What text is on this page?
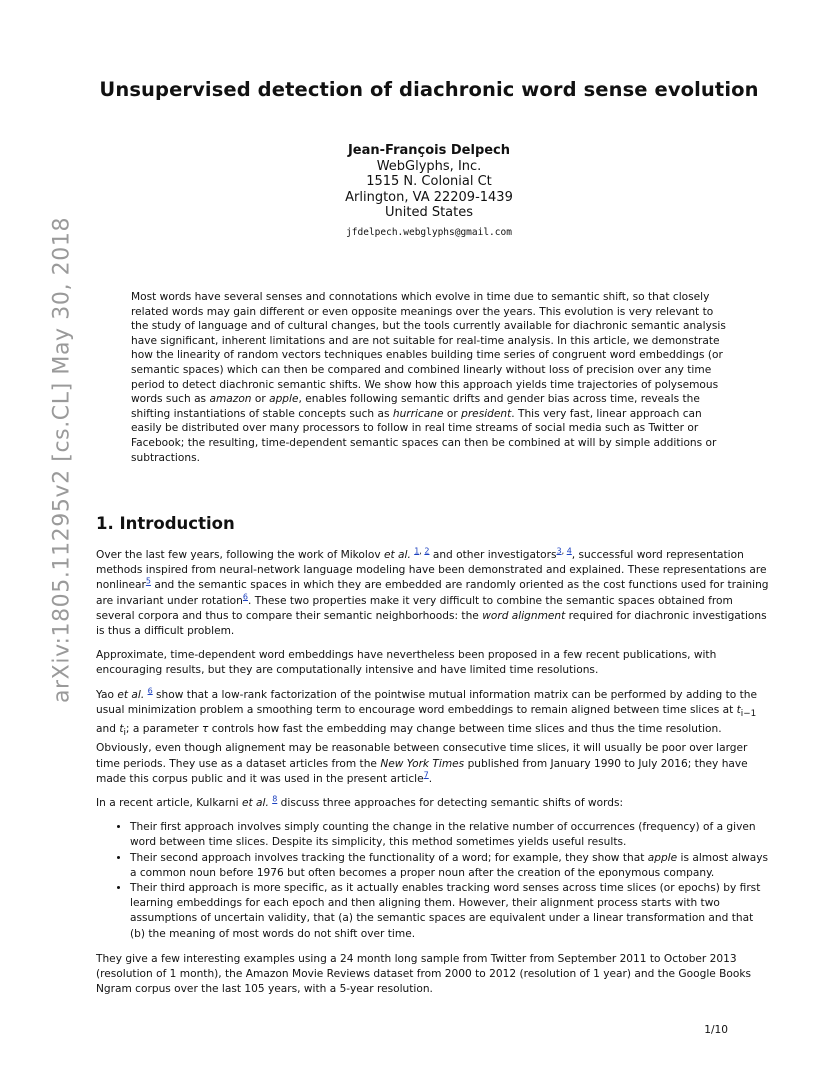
arXiv:1805.11295v2 [cs.CL] May 30, 2018
Unsupervised detection of diachronic word sense evolution
Jean-François Delpech
WebGlyphs, Inc.
1515 N. Colonial Ct
Arlington, VA 22209-1439
United States
jfdelpech.webglyphs@gmail.com
Most words have several senses and connotations which evolve in time due to semantic shift, so that closely related words may gain different or even opposite meanings over the years. This evolution is very relevant to the study of language and of cultural changes, but the tools currently available for diachronic semantic analysis have significant, inherent limitations and are not suitable for real-time analysis. In this article, we demonstrate how the linearity of random vectors techniques enables building time series of congruent word embeddings (or semantic spaces) which can then be compared and combined linearly without loss of precision over any time period to detect diachronic semantic shifts. We show how this approach yields time trajectories of polysemous words such as amazon or apple, enables following semantic drifts and gender bias across time, reveals the shifting instantiations of stable concepts such as hurricane or president. This very fast, linear approach can easily be distributed over many processors to follow in real time streams of social media such as Twitter or Facebook; the resulting, time-dependent semantic spaces can then be combined at will by simple additions or subtractions.
1. Introduction

Over the last few years, following the work of Mikolov et al. $^{1, 2}$ and other investigators$^{3, 4}$, successful word representation methods inspired from neural-network language modeling have been demonstrated and explained. These representations are nonlinear$^5$ and the semantic spaces in which they are embedded are randomly oriented as the cost functions used for training are invariant under rotation$^6$. These two properties make it very difficult to combine the semantic spaces obtained from several corpora and thus to compare their semantic neighborhoods: the word alignment required for diachronic investigations is thus a difficult problem.

Approximate, time-dependent word embeddings have nevertheless been proposed in a few recent publications, with encouraging results, but they are computationally intensive and have limited time resolutions.

Yao et al. $^6$ show that a low-rank factorization of the pointwise mutual information matrix can be performed by adding to the usual minimization problem a smoothing term to encourage word embeddings to remain aligned between time slices at $t_{i-1}$ and $t_i$; a parameter τ controls how fast the embedding may change between time slices and thus the time resolution. Obviously, even though alignement may be reasonable between consecutive time slices, it will usually be poor over larger time periods. They use as a dataset articles from the New York Times published from January 1990 to July 2016; they have made this corpus public and it was used in the present article$^7$.

In a recent article, Kulkarni et al. $^8$ discuss three approaches for detecting semantic shifts of words:

• Their first approach involves simply counting the change in the relative number of occurrences (frequency) of a given word between time slices. Despite its simplicity, this method sometimes yields useful results.
• Their second approach involves tracking the functionality of a word; for example, they show that apple is almost always a common noun before 1976 but often becomes a proper noun after the creation of the eponymous company.
• Their third approach is more specific, as it actually enables tracking word senses across time slices (or epochs) by first learning embeddings for each epoch and then aligning them. However, their alignment process starts with two assumptions of uncertain validity, that (a) the semantic spaces are equivalent under a linear transformation and that (b) the meaning of most words do not shift over time.

They give a few interesting examples using a 24 month long sample from Twitter from September 2011 to October 2013 (resolution of 1 month), the Amazon Movie Reviews dataset from 2000 to 2012 (resolution of 1 year) and the Google Books Ngram corpus over the last 105 years, with a 5-year resolution.

1/10
